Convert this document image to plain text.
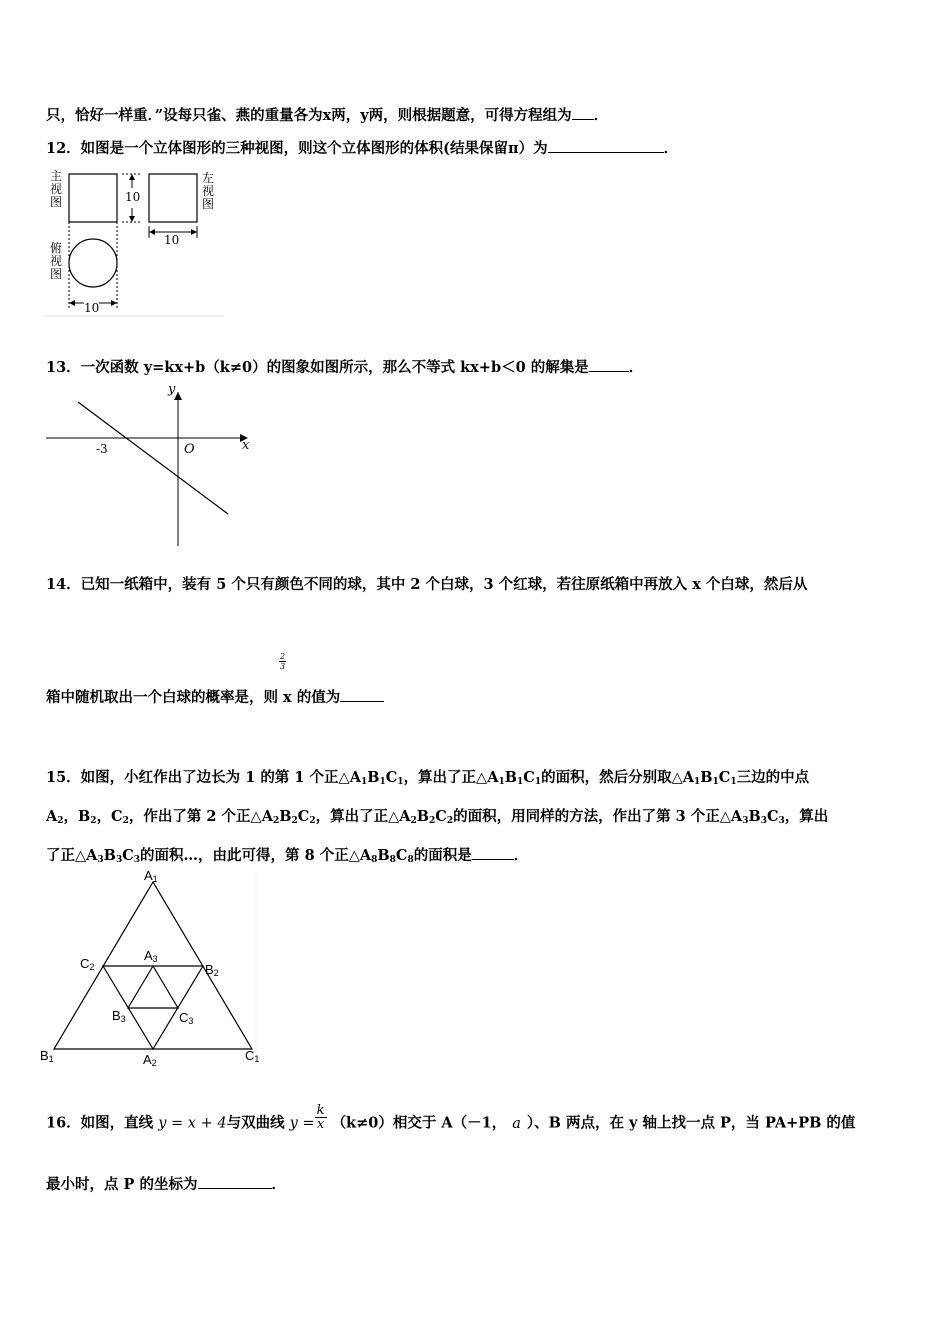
只，恰好一样重．”设每只雀、燕的重量各为x两，y两，则根据题意，可得方程组为 ．
12．如图是一个立体图形的三种视图，则这个立体图形的体积(结果保留π）为	．
主视图
左视图
俯视图
10
10
10
13．一次函数 y=kx+b（k≠0）的图象如图所示，那么不等式 kx+b＜0 的解集是	．
y
x
O
-3
14．已知一纸箱中，装有 5 个只有颜色不同的球，其中 2 个白球，3 个红球，若往原纸箱中再放入 x 个白球，然后从
箱中随机取出一个白球的概率是，则 x 的值为
$\frac{2}{3}$
15．如图，小红作出了边长为 1 的第 1 个正$\triangle A_1B_1C_1$，算出了正$\triangle A_1B_1C_1$的面积，然后分别取$\triangle A_1B_1C_1$三边的中点
$A_2$，$B_2$，$C_2$，作出了第 2 个正$\triangle A_2B_2C_2$，算出了正$\triangle A_2B_2C_2$的面积，用同样的方法，作出了第 3 个正$\triangle A_3B_3C_3$，算出
了正$\triangle A_3B_3C_3$的面积…，由此可得，第 8 个正$\triangle A_8B_8C_8$的面积是	．
$A_1$
$B_1$	$C_1$
$A_2$
$B_2$
$C_2$
$A_3$
$B_3$	$C_3$
16．如图，直线 y = x + 4与双曲线 $y = \frac{k}{x} (k\ne 0)$相交于 A（－1， a ）、B 两点，在 y 轴上找一点 P，当 PA+PB 的值
最小时，点 P 的坐标为	．
